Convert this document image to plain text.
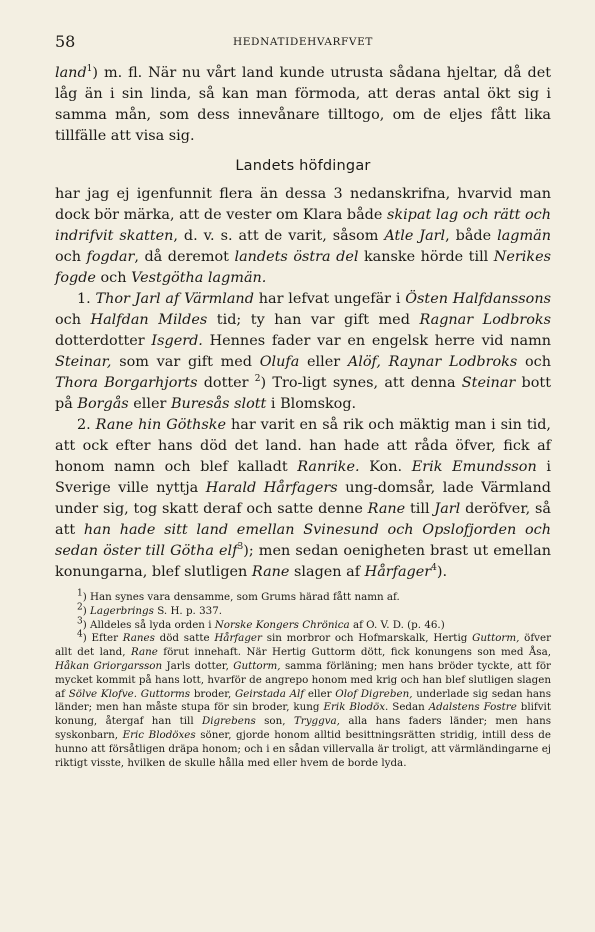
58	HEDNATIDEHVARFVET

land$^1$) m. fl. När nu vårt land kunde utrusta sådana hjeltar, då det låg än i sin linda, så kan man förmoda, att deras antal ökt sig i samma mån, som dess innevånare tilltogo, om de eljes fått lika tillfälle att visa sig.

Landets höfdingar

har jag ej igenfunnit flera än dessa 3 nedanskrifna, hvarvid man dock bör märka, att de vester om Klara både skipat lag och rätt och indrifvit skatten, d. v. s. att de varit, såsom Atle Jarl, både lagmän och fogdar, då deremot landets östra del kanske hörde till Nerikes fogde och Vestgötha lagmän.

1. Thor Jarl af Värmland har lefvat ungefär i Östen Halfdanssons och Halfdan Mildes tid; ty han var gift med Ragnar Lodbroks dotterdotter Isgerd. Hennes fader var en engelsk herre vid namn Steinar, som var gift med Olufa eller Alöf, Raynar Lodbroks och Thora Borgarhjorts dotter $^2$) Tro-ligt synes, att denna Steinar bott på Borgås eller Buresås slott i Blomskog.

2. Rane hin Göthske har varit en så rik och mäktig man i sin tid, att ock efter hans död det land. han hade att råda öfver, fick af honom namn och blef kalladt Ranrike. Kon. Erik Emundsson i Sverige ville nyttja Harald Hårfagers ung-domsår, lade Värmland under sig, tog skatt deraf och satte denne Rane till Jarl deröfver, så att han hade sitt land emellan Svinesund och Opslofjorden och sedan öster till Götha elf$^3$); men sedan oenigheten brast ut emellan konungarna, blef slutligen Rane slagen af Hårfager$^4$).

$^1$) Han synes vara densamme, som Grums härad fått namn af.

$^2$) Lagerbrings S. H. p. 337.

$^3$) Alldeles så lyda orden i Norske Kongers Chrönica af O. V. D. (p. 46.)

$^4$) Efter Ranes död satte Hårfager sin morbror och Hofmarskalk, Hertig Guttorm, öfver allt det land, Rane förut innehaft. När Hertig Guttorm dött, fick konungens son med Åsa, Håkan Griorgarsson Jarls dotter, Guttorm, samma förläning; men hans bröder tyckte, att för mycket kommit på hans lott, hvarför de angrepo honom med krig och han blef slutligen slagen af Sölve Klofve. Guttorms broder, Geirstada Alf eller Olof Digreben, underlade sig sedan hans länder; men han måste stupa för sin broder, kung Erik Blodöx. Sedan Adalstens Fostre blifvit konung, återgaf han till Digrebens son, Tryggva, alla hans faders länder; men hans syskonbarn, Eric Blodöxes söner, gjorde honom alltid besittningsrätten stridig, intill dess de hunno att försåtligen dräpa honom; och i en sådan villervalla är troligt, att värmländingarne ej riktigt visste, hvilken de skulle hålla med eller hvem de borde lyda.
